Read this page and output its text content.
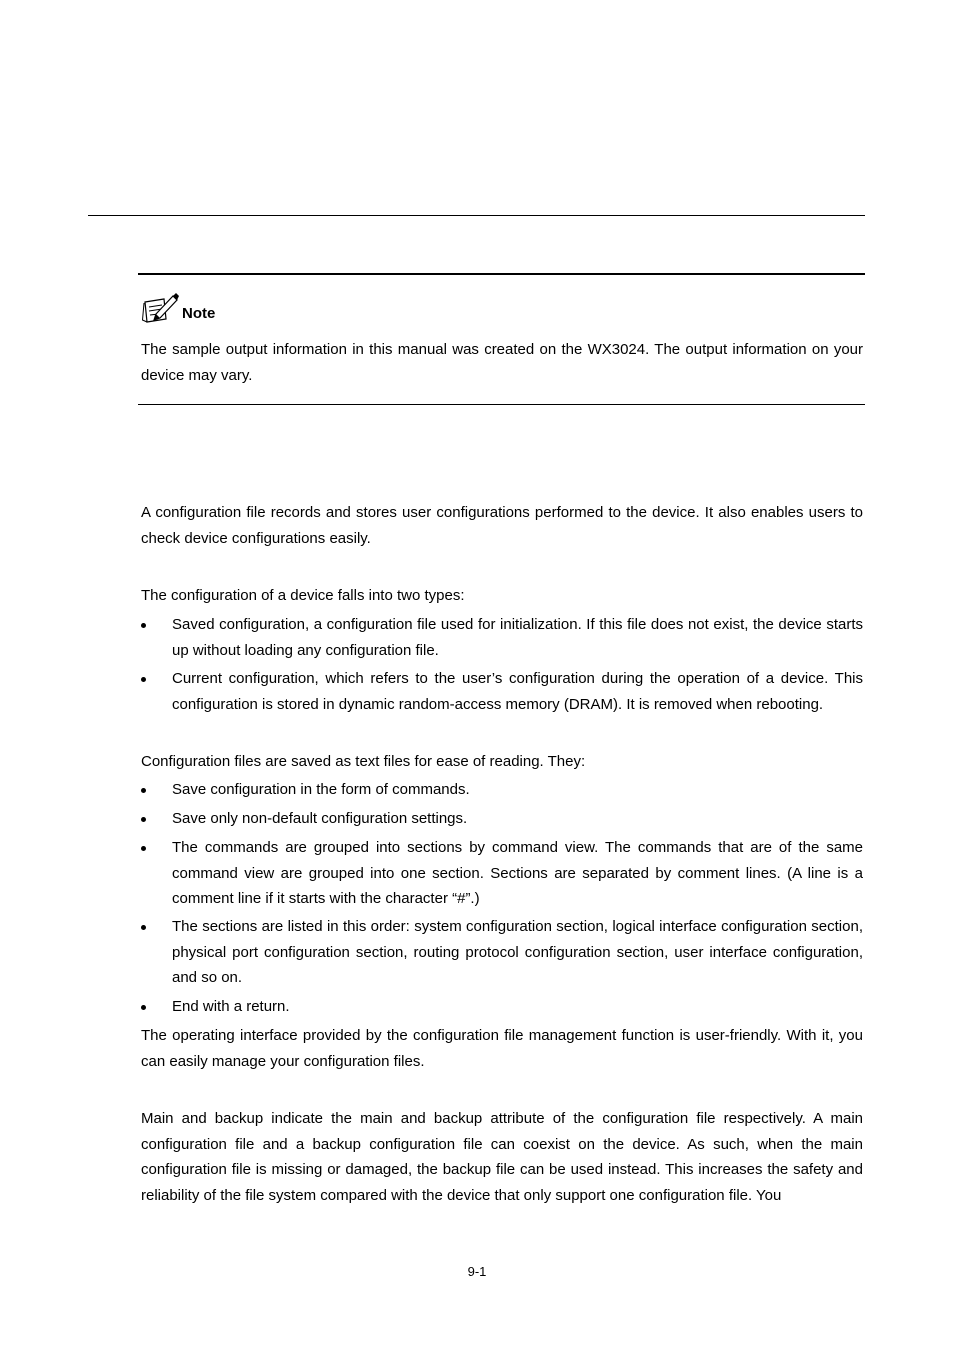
Note

The sample output information in this manual was created on the WX3024. The output information on your device may vary.

A configuration file records and stores user configurations performed to the device. It also enables users to check device configurations easily.

The configuration of a device falls into two types:

Saved configuration, a configuration file used for initialization. If this file does not exist, the device starts up without loading any configuration file.
Current configuration, which refers to the user’s configuration during the operation of a device. This configuration is stored in dynamic random-access memory (DRAM). It is removed when rebooting.

Configuration files are saved as text files for ease of reading. They:

Save configuration in the form of commands.
Save only non-default configuration settings.
The commands are grouped into sections by command view. The commands that are of the same command view are grouped into one section. Sections are separated by comment lines. (A line is a comment line if it starts with the character “#”.)
The sections are listed in this order: system configuration section, logical interface configuration section, physical port configuration section, routing protocol configuration section, user interface configuration, and so on.
End with a return.

The operating interface provided by the configuration file management function is user-friendly. With it, you can easily manage your configuration files.

Main and backup indicate the main and backup attribute of the configuration file respectively. A main configuration file and a backup configuration file can coexist on the device. As such, when the main configuration file is missing or damaged, the backup file can be used instead. This increases the safety and reliability of the file system compared with the device that only support one configuration file. You

9-1
